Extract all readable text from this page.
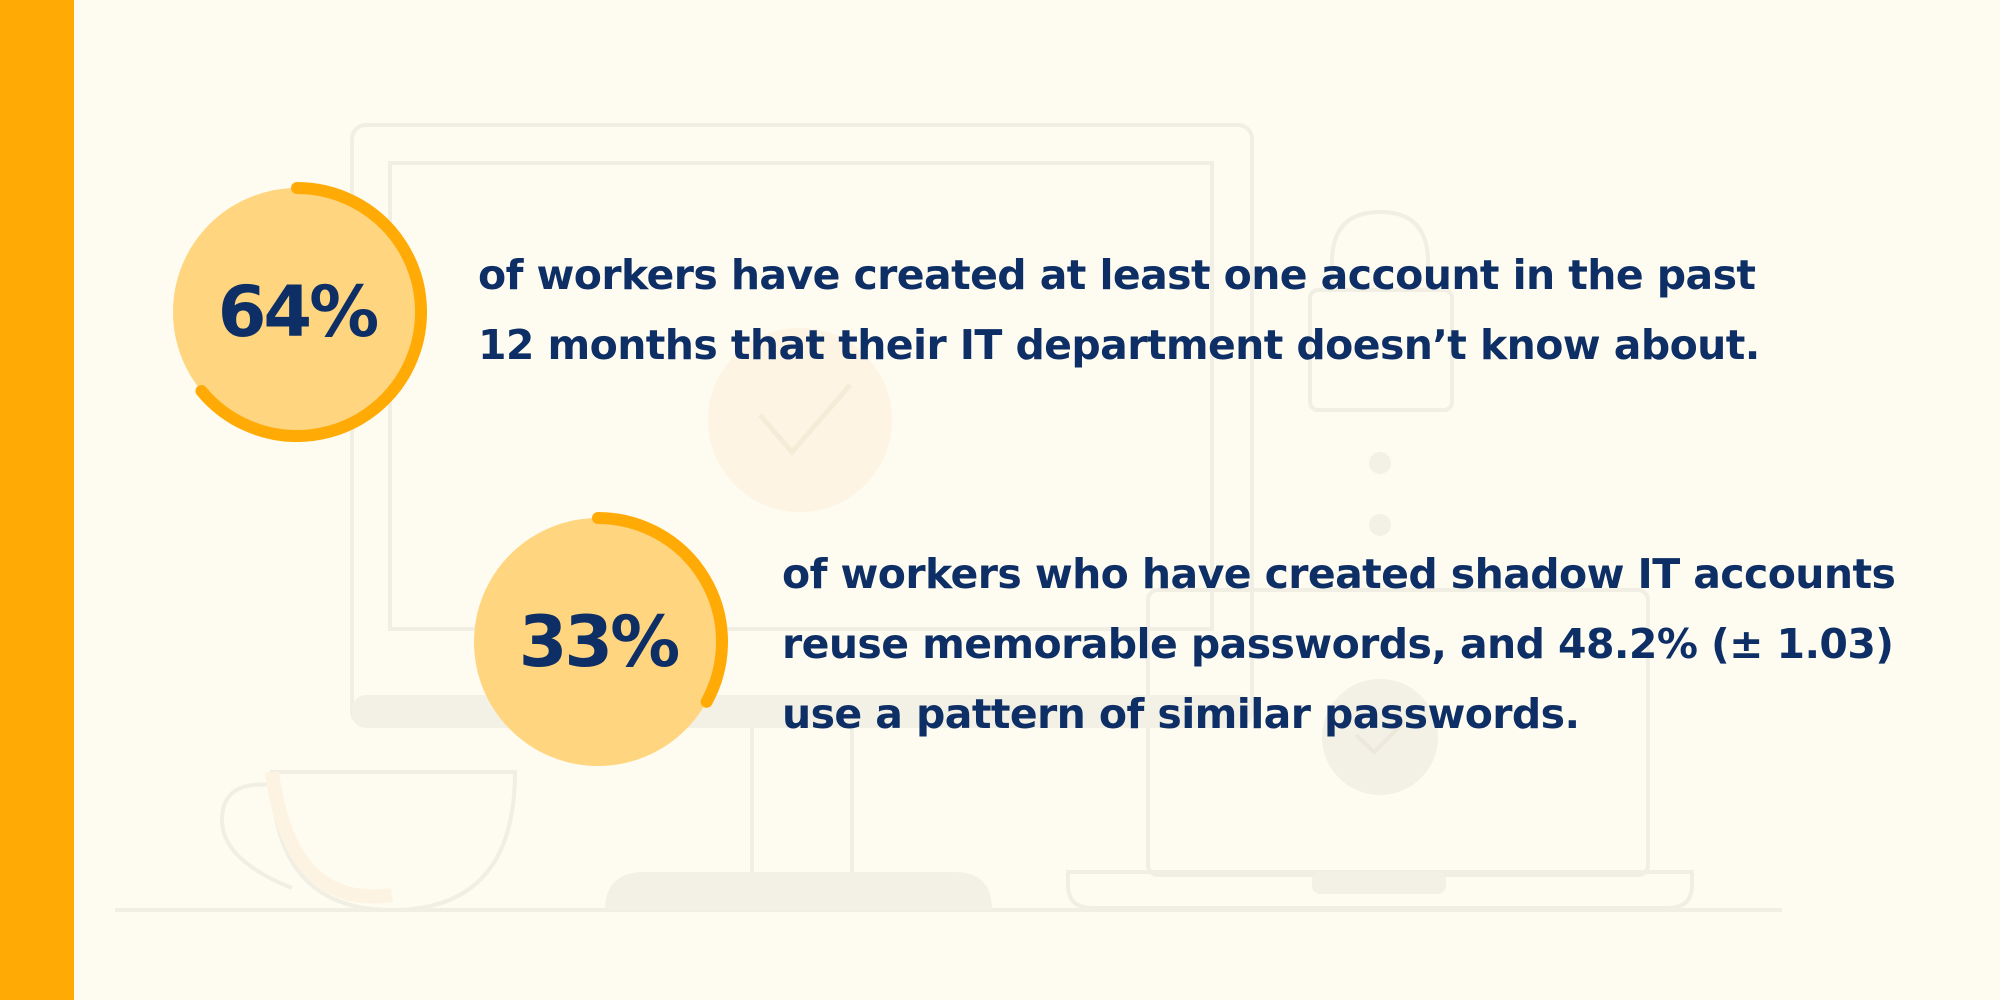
64%	of workers have created at least one account in the past
12 months that their IT department doesn’t know about.
33%
of workers who have created shadow IT accounts
reuse memorable passwords, and 48.2% (± 1.03)
use a pattern of similar passwords.
